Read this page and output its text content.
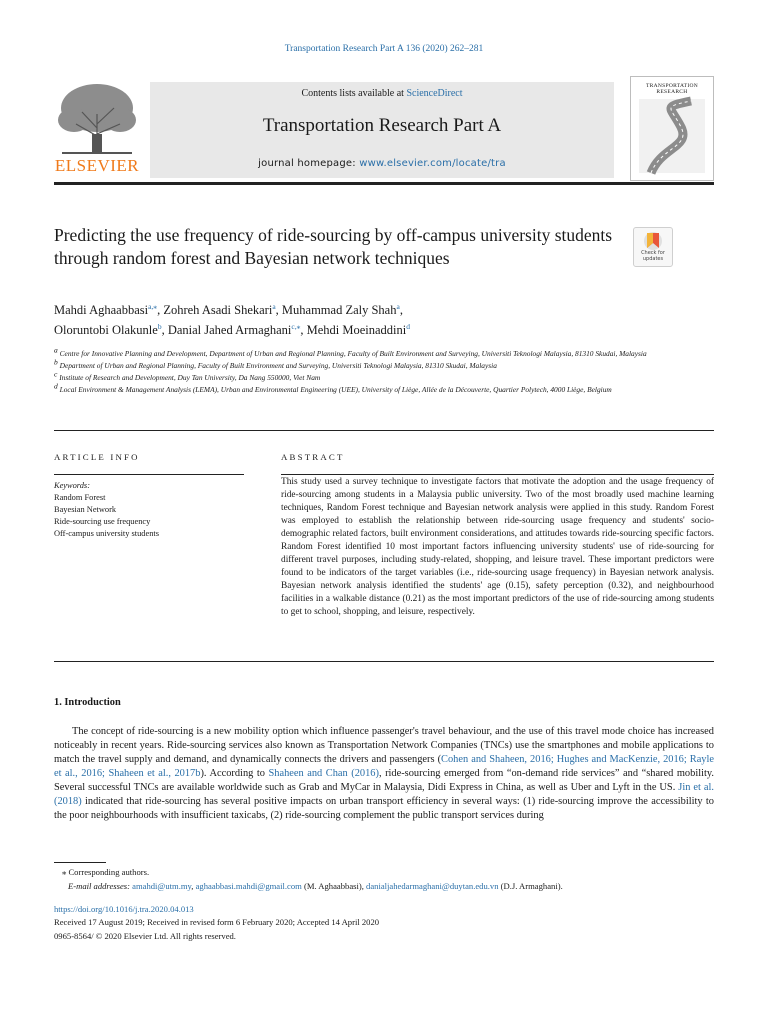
Transportation Research Part A 136 (2020) 262–281
ELSEVIER
Contents lists available at ScienceDirect
Transportation Research Part A
journal homepage: www.elsevier.com/locate/tra
TRANSPORTATION RESEARCH
Predicting the use frequency of ride-sourcing by off-campus university students through random forest and Bayesian network techniques	Check for updates
Mahdi Aghaabbasi$^{a,⁎}$, Zohreh Asadi Shekari$^a$, Muhammad Zaly Shah$^a$,
Oloruntobi Olakunle$^b$, Danial Jahed Armaghani$^{c,⁎}$, Mehdi Moeinaddini$^d$
$^a$ Centre for Innovative Planning and Development, Department of Urban and Regional Planning, Faculty of Built Environment and Surveying, Universiti Teknologi Malaysia, 81310 Skudai, Malaysia
$^b$ Department of Urban and Regional Planning, Faculty of Built Environment and Surveying, Universiti Teknologi Malaysia, 81310 Skudai, Malaysia
$^c$ Institute of Research and Development, Duy Tan University, Da Nang 550000, Viet Nam
$^d$ Local Environment & Management Analysis (LEMA), Urban and Environmental Engineering (UEE), University of Liège, Allée de la Découverte, Quartier Polytech, 4000 Liège, Belgium
ARTICLE INFO
Keywords:
Random Forest
Bayesian Network
Ride-sourcing use frequency
Off-campus university students
ABSTRACT
This study used a survey technique to investigate factors that motivate the adoption and the usage frequency of ride-sourcing among students in a Malaysia public university. Two of the most broadly used machine learning techniques, Random Forest technique and Bayesian network analysis were applied in this study. Random Forest was employed to establish the relationship between ride-sourcing usage frequency and students' socio-demographic related factors, built environment considerations, and attitudes towards ride-sourcing specific factors. Random Forest identified 10 most important factors influencing university students' use of ride-sourcing for different travel purposes, including study-related, shopping, and leisure travel. These important predictors were found to be indicators of the target variables (i.e., ride-sourcing usage frequency) in Bayesian network analysis. Bayesian network analysis identified the students' age (0.15), safety perception (0.32), and neighbourhood facilities in a walkable distance (0.21) as the most important predictors of the use of ride-sourcing among students to get to school, shopping, and leisure, respectively.
1. Introduction

The concept of ride-sourcing is a new mobility option which influence passenger's travel behaviour, and the use of this travel mode choice has increased noticeably in recent years. Ride-sourcing services also known as Transportation Network Companies (TNCs) use the smartphones and mobile applications to match the travel supply and demand, and dynamically connects the drivers and passengers (Cohen and Shaheen, 2016; Hughes and MacKenzie, 2016; Rayle et al., 2016; Shaheen et al., 2017b). According to Shaheen and Chan (2016), ride-sourcing emerged from “on-demand ride services” and “shared mobility. Several successful TNCs are available worldwide such as Grab and MyCar in Malaysia, Didi Express in China, as well as Uber and Lyft in the US. Jin et al. (2018) indicated that ride-sourcing has several positive impacts on urban transport efficiency in several ways: (1) ride-sourcing improve the accessibility to the poor neighbourhoods with insufficient taxicabs, (2) ride-sourcing complement the public transport services during

⁎ Corresponding authors.
E-mail addresses: amahdi@utm.my, aghaabbasi.mahdi@gmail.com (M. Aghaabbasi), danialjahedarmaghani@duytan.edu.vn (D.J. Armaghani).
https://doi.org/10.1016/j.tra.2020.04.013
Received 17 August 2019; Received in revised form 6 February 2020; Accepted 14 April 2020
0965-8564/ © 2020 Elsevier Ltd. All rights reserved.
